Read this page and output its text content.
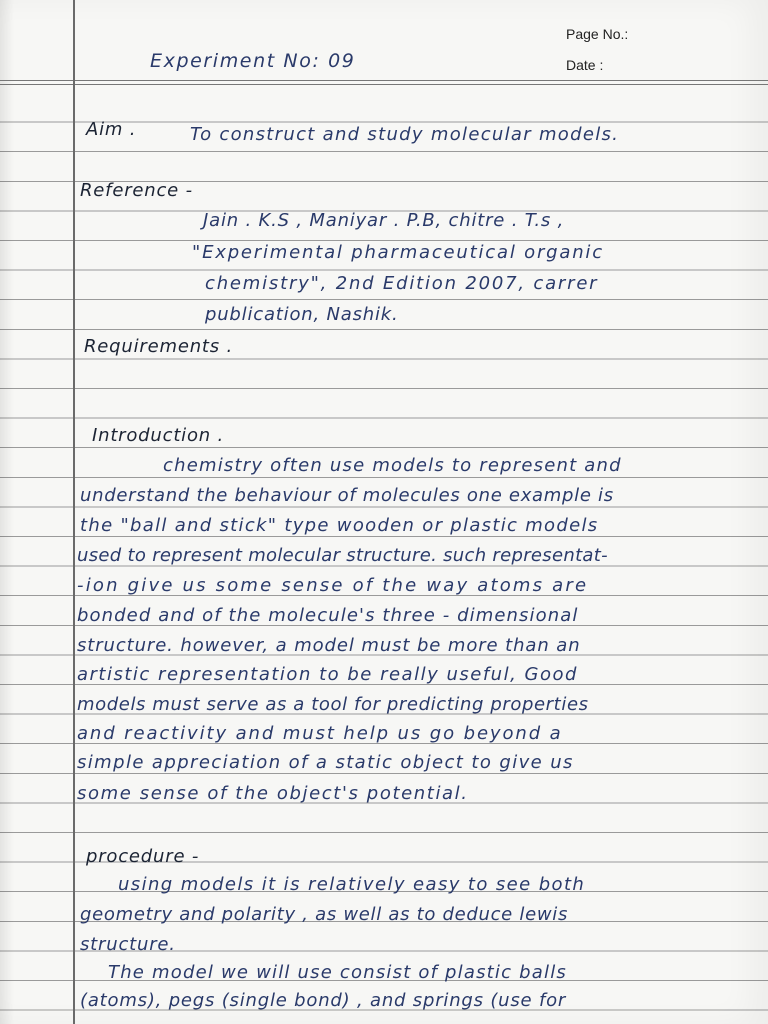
Page No.:
Date :
Experiment No: 09
Aim .	To construct and study molecular models.
Reference -
Jain . K.S , Maniyar . P.B, chitre . T.s ,
"Experimental pharmaceutical organic
chemistry", 2nd Edition 2007, carrer
publication, Nashik.
Requirements .
Introduction .
chemistry often use models to represent and
understand the behaviour of molecules one example is
the "ball and stick" type wooden or plastic models
used to represent molecular structure. such representat-
-ion give us some sense of the way atoms are
bonded and of the molecule's three - dimensional
structure. however, a model must be more than an
artistic representation to be really useful, Good
models must serve as a tool for predicting properties
and reactivity and must help us go beyond a
simple appreciation of a static object to give us
some sense of the object's potential.
procedure -
using models it is relatively easy to see both
geometry and polarity , as well as to deduce lewis
structure.
The model we will use consist of plastic balls
(atoms), pegs (single bond) , and springs (use for
